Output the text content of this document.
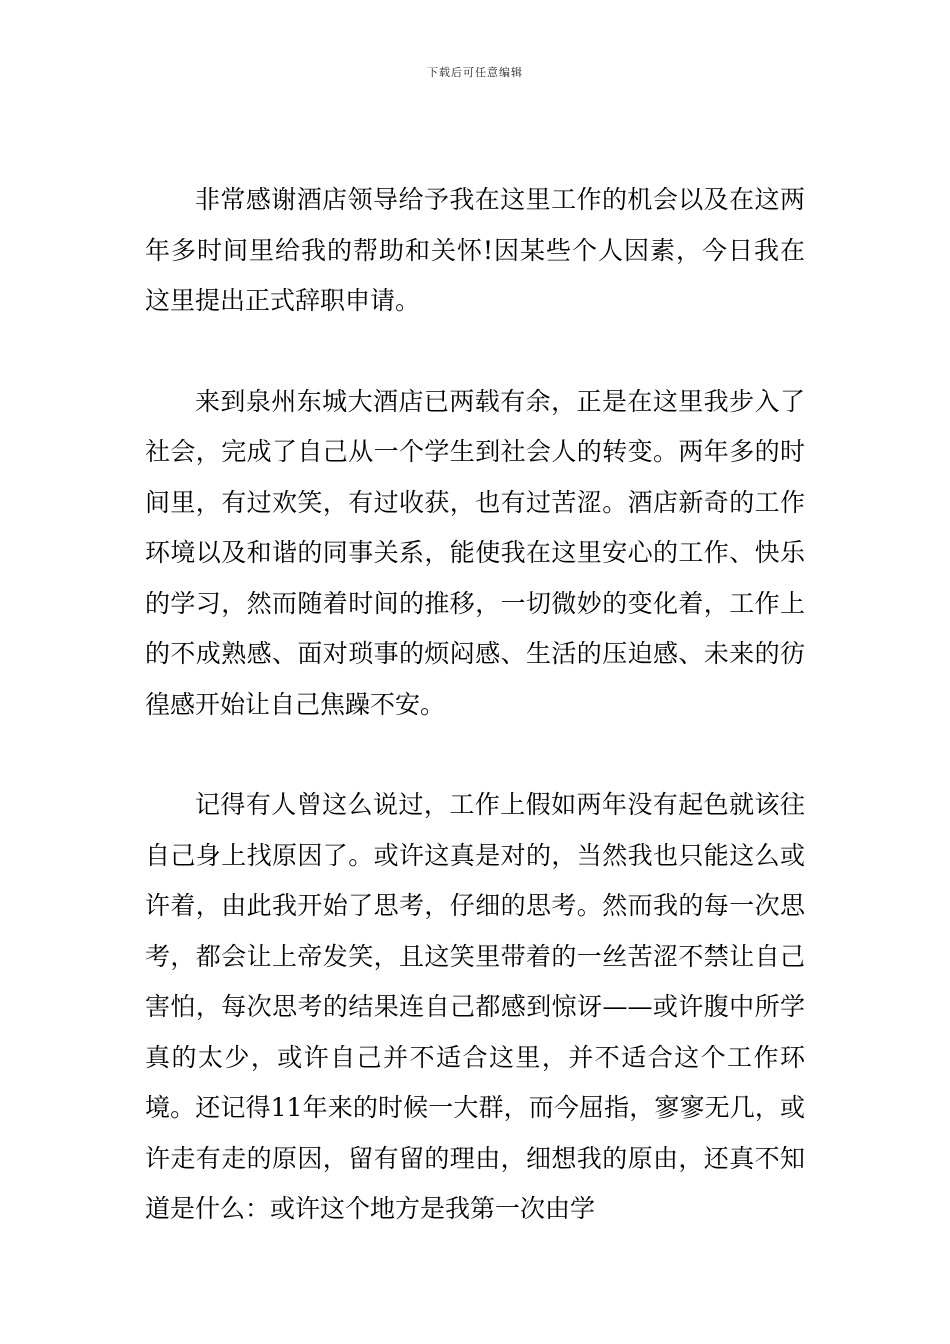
下载后可任意编辑

非常感谢酒店领导给予我在这里工作的机会以及在这两年多时间里给我的帮助和关怀!因某些个人因素，今日我在这里提出正式辞职申请。

来到泉州东城大酒店已两载有余，正是在这里我步入了社会，完成了自己从一个学生到社会人的转变。两年多的时间里，有过欢笑，有过收获，也有过苦涩。酒店新奇的工作环境以及和谐的同事关系，能使我在这里安心的工作、快乐的学习，然而随着时间的推移，一切微妙的变化着，工作上的不成熟感、面对琐事的烦闷感、生活的压迫感、未来的彷徨感开始让自己焦躁不安。

记得有人曾这么说过，工作上假如两年没有起色就该往自己身上找原因了。或许这真是对的，当然我也只能这么或许着，由此我开始了思考，仔细的思考。然而我的每一次思考，都会让上帝发笑，且这笑里带着的一丝苦涩不禁让自己害怕，每次思考的结果连自己都感到惊讶——或许腹中所学真的太少，或许自己并不适合这里，并不适合这个工作环境。还记得11年来的时候一大群，而今屈指，寥寥无几，或许走有走的原因，留有留的理由，细想我的原由，还真不知道是什么：或许这个地方是我第一次由学
